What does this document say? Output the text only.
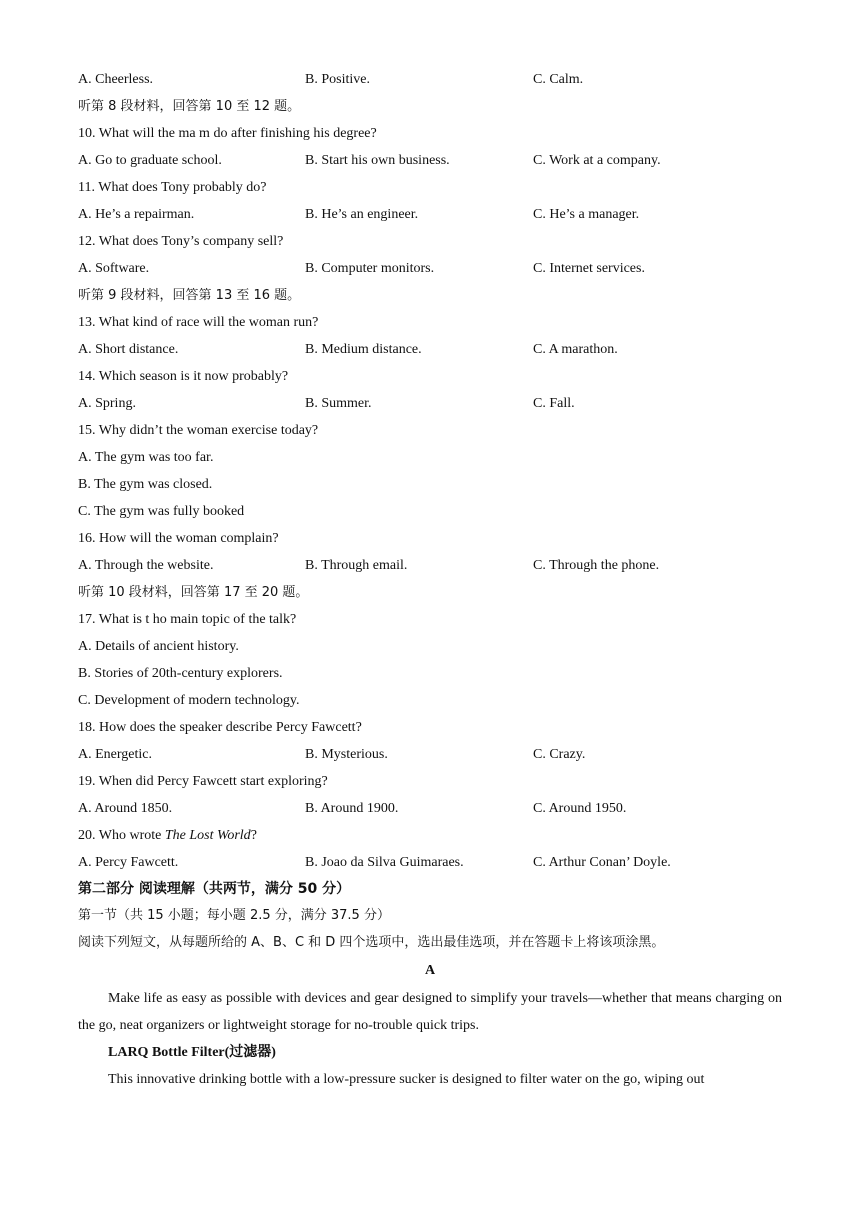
A. Cheerless.	B. Positive.	C. Calm.
听第 8 段材料，回答第 10 至 12 题。
10. What will the ma m do after finishing his degree?
A. Go to graduate school.	B. Start his own business.	C. Work at a company.
11. What does Tony probably do?
A. He’s a repairman.	B. He’s an engineer.	C. He’s a manager.
12. What does Tony’s company sell?
A. Software.	B. Computer monitors.	C. Internet services.
听第 9 段材料，回答第 13 至 16 题。
13. What kind of race will the woman run?
A. Short distance.	B. Medium distance.	C. A marathon.
14. Which season is it now probably?
A. Spring.	B. Summer.	C. Fall.
15. Why didn’t the woman exercise today?
A. The gym was too far.
B. The gym was closed.
C. The gym was fully booked
16. How will the woman complain?
A. Through the website.	B. Through email.	C. Through the phone.
听第 10 段材料，回答第 17 至 20 题。
17. What is t ho main topic of the talk?
A. Details of ancient history.
B. Stories of 20th-century explorers.
C. Development of modern technology.
18. How does the speaker describe Percy Fawcett?
A. Energetic.	B. Mysterious.	C. Crazy.
19. When did Percy Fawcett start exploring?
A. Around 1850.	B. Around 1900.	C. Around 1950.
20. Who wrote The Lost World?
A. Percy Fawcett.	B. Joao da Silva Guimaraes.	C. Arthur Conan’ Doyle.
第二部分 阅读理解（共两节，满分 50 分）
第一节（共 15 小题；每小题 2.5 分，满分 37.5 分）
阅读下列短文，从每题所给的 A、B、C 和 D 四个选项中，选出最佳选项，并在答题卡上将该项涂黑。
A
Make life as easy as possible with devices and gear designed to simplify your travels—whether that means charging on the go, neat organizers or lightweight storage for no-trouble quick trips.
LARQ Bottle Filter(过滤器)
This innovative drinking bottle with a low-pressure sucker is designed to filter water on the go, wiping out
